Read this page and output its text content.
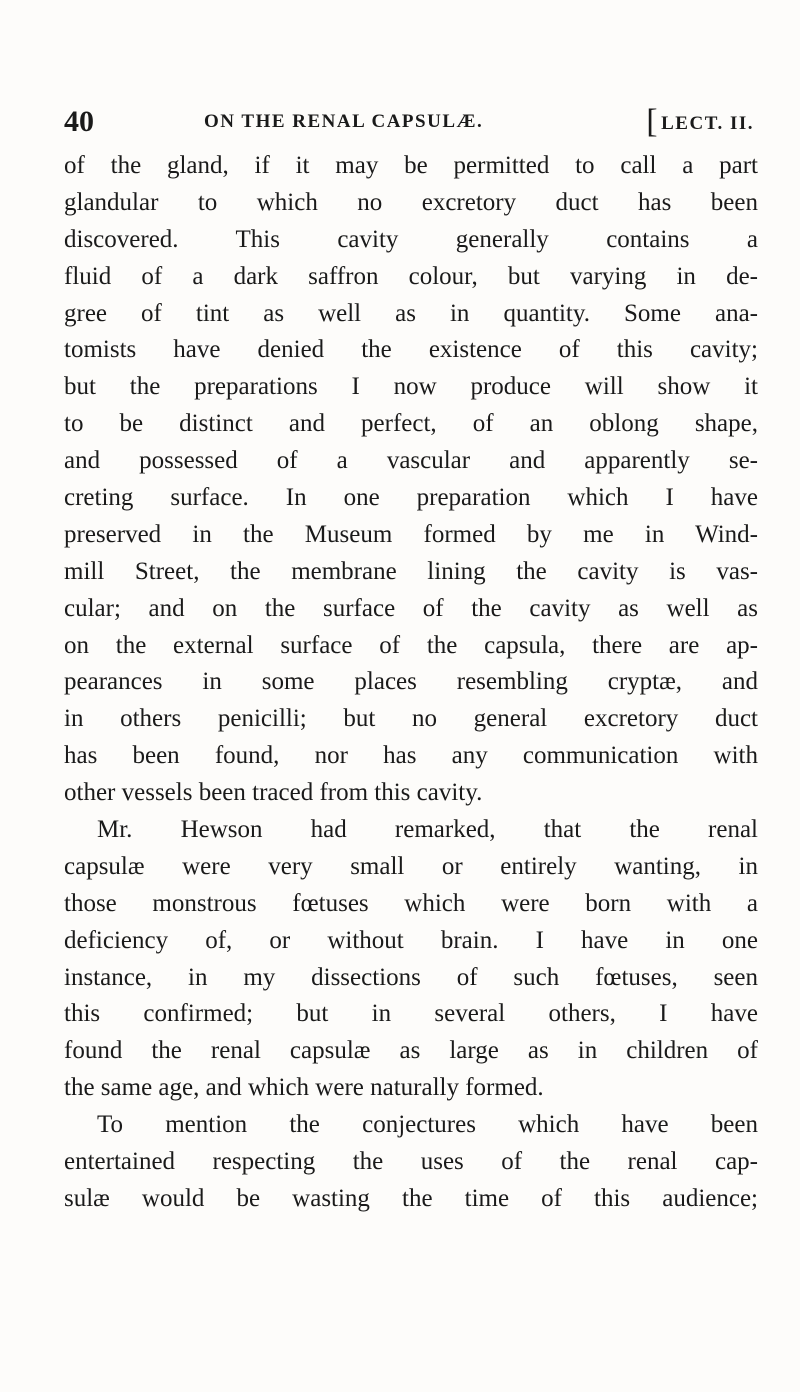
40	ON THE RENAL CAPSULÆ.	[ LECT. II.
of the gland, if it may be permitted to call a part
glandular to which no excretory duct has been
discovered. This cavity generally contains a
fluid of a dark saffron colour, but varying in de-
gree of tint as well as in quantity. Some ana-
tomists have denied the existence of this cavity;
but the preparations I now produce will show it
to be distinct and perfect, of an oblong shape,
and possessed of a vascular and apparently se-
creting surface. In one preparation which I have
preserved in the Museum formed by me in Wind-
mill Street, the membrane lining the cavity is vas-
cular; and on the surface of the cavity as well as
on the external surface of the capsula, there are ap-
pearances in some places resembling cryptæ, and
in others penicilli; but no general excretory duct
has been found, nor has any communication with
other vessels been traced from this cavity.
Mr. Hewson had remarked, that the renal
capsulæ were very small or entirely wanting, in
those monstrous fœtuses which were born with a
deficiency of, or without brain. I have in one
instance, in my dissections of such fœtuses, seen
this confirmed; but in several others, I have
found the renal capsulæ as large as in children of
the same age, and which were naturally formed.
To mention the conjectures which have been
entertained respecting the uses of the renal cap-
sulæ would be wasting the time of this audience;
